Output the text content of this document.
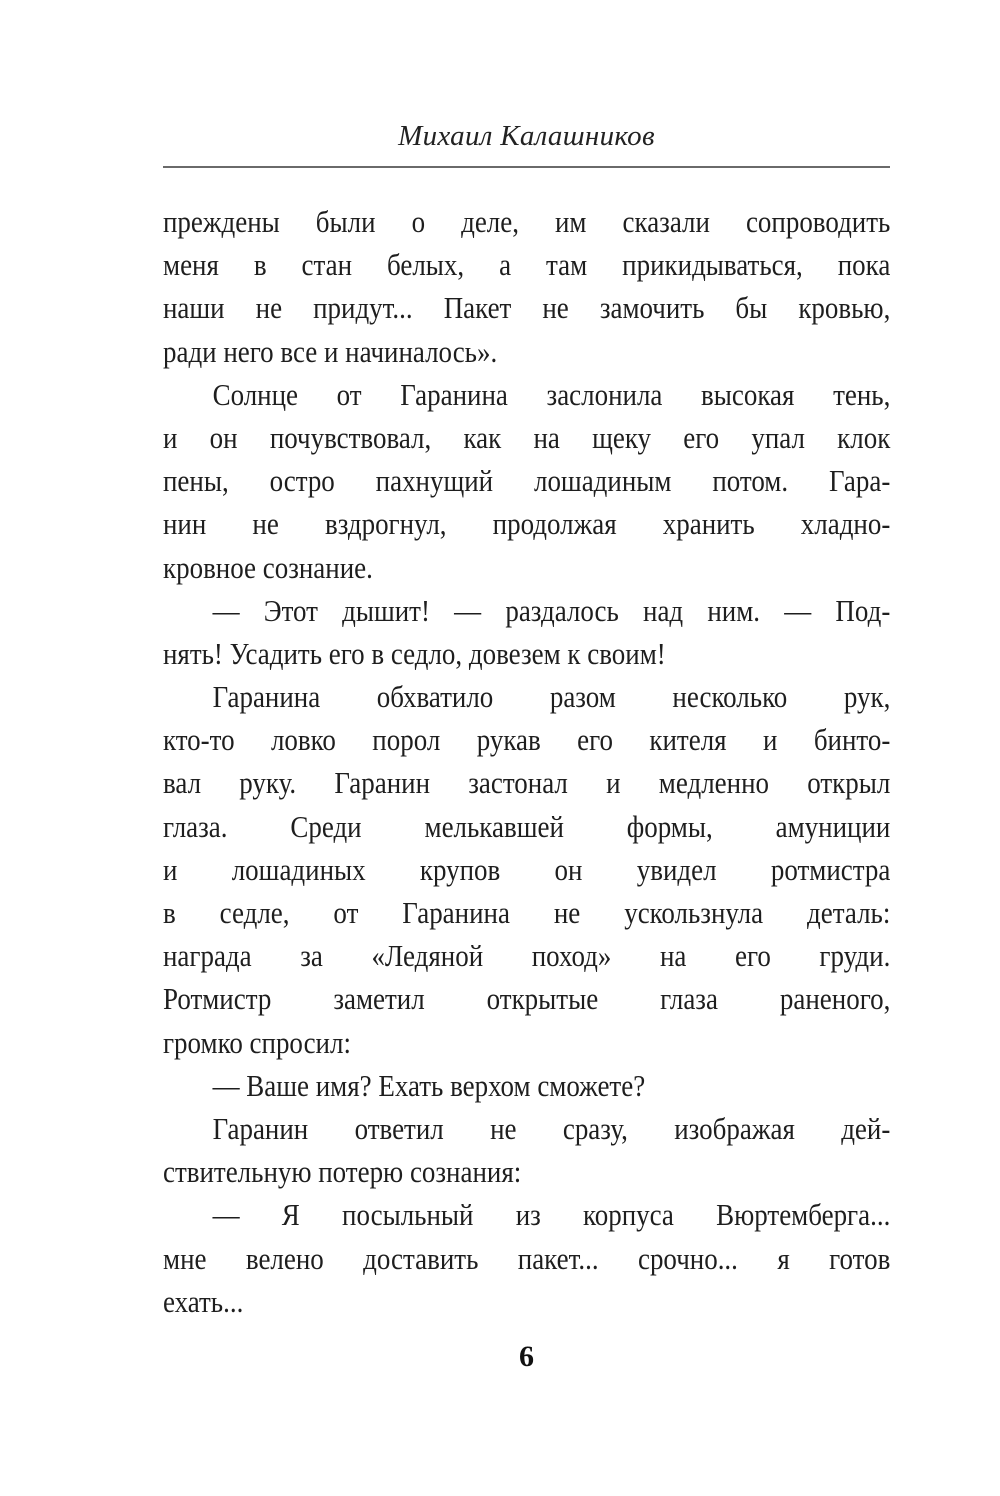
Михаил Калашников
преждены были о деле, им сказали сопроводить
меня в стан белых, а там прикидываться, пока
наши не придут... Пакет не замочить бы кровью,
ради него все и начиналось».
Солнце от Гаранина заслонила высокая тень,
и он почувствовал, как на щеку его упал клок
пены, остро пахнущий лошадиным потом. Гара-
нин не вздрогнул, продолжая хранить хладно-
кровное сознание.
— Этот дышит! — раздалось над ним. — Под-
нять! Усадить его в седло, довезем к своим!
Гаранина обхватило разом несколько рук,
кто-то ловко порол рукав его кителя и бинто-
вал руку. Гаранин застонал и медленно открыл
глаза. Среди мелькавшей формы, амуниции
и лошадиных крупов он увидел ротмистра
в седле, от Гаранина не ускользнула деталь:
награда за «Ледяной поход» на его груди.
Ротмистр заметил открытые глаза раненого,
громко спросил:
— Ваше имя? Ехать верхом сможете?
Гаранин ответил не сразу, изображая дей-
ствительную потерю сознания:
— Я посыльный из корпуса Вюртемберга...
мне велено доставить пакет... срочно... я готов
ехать...
6
